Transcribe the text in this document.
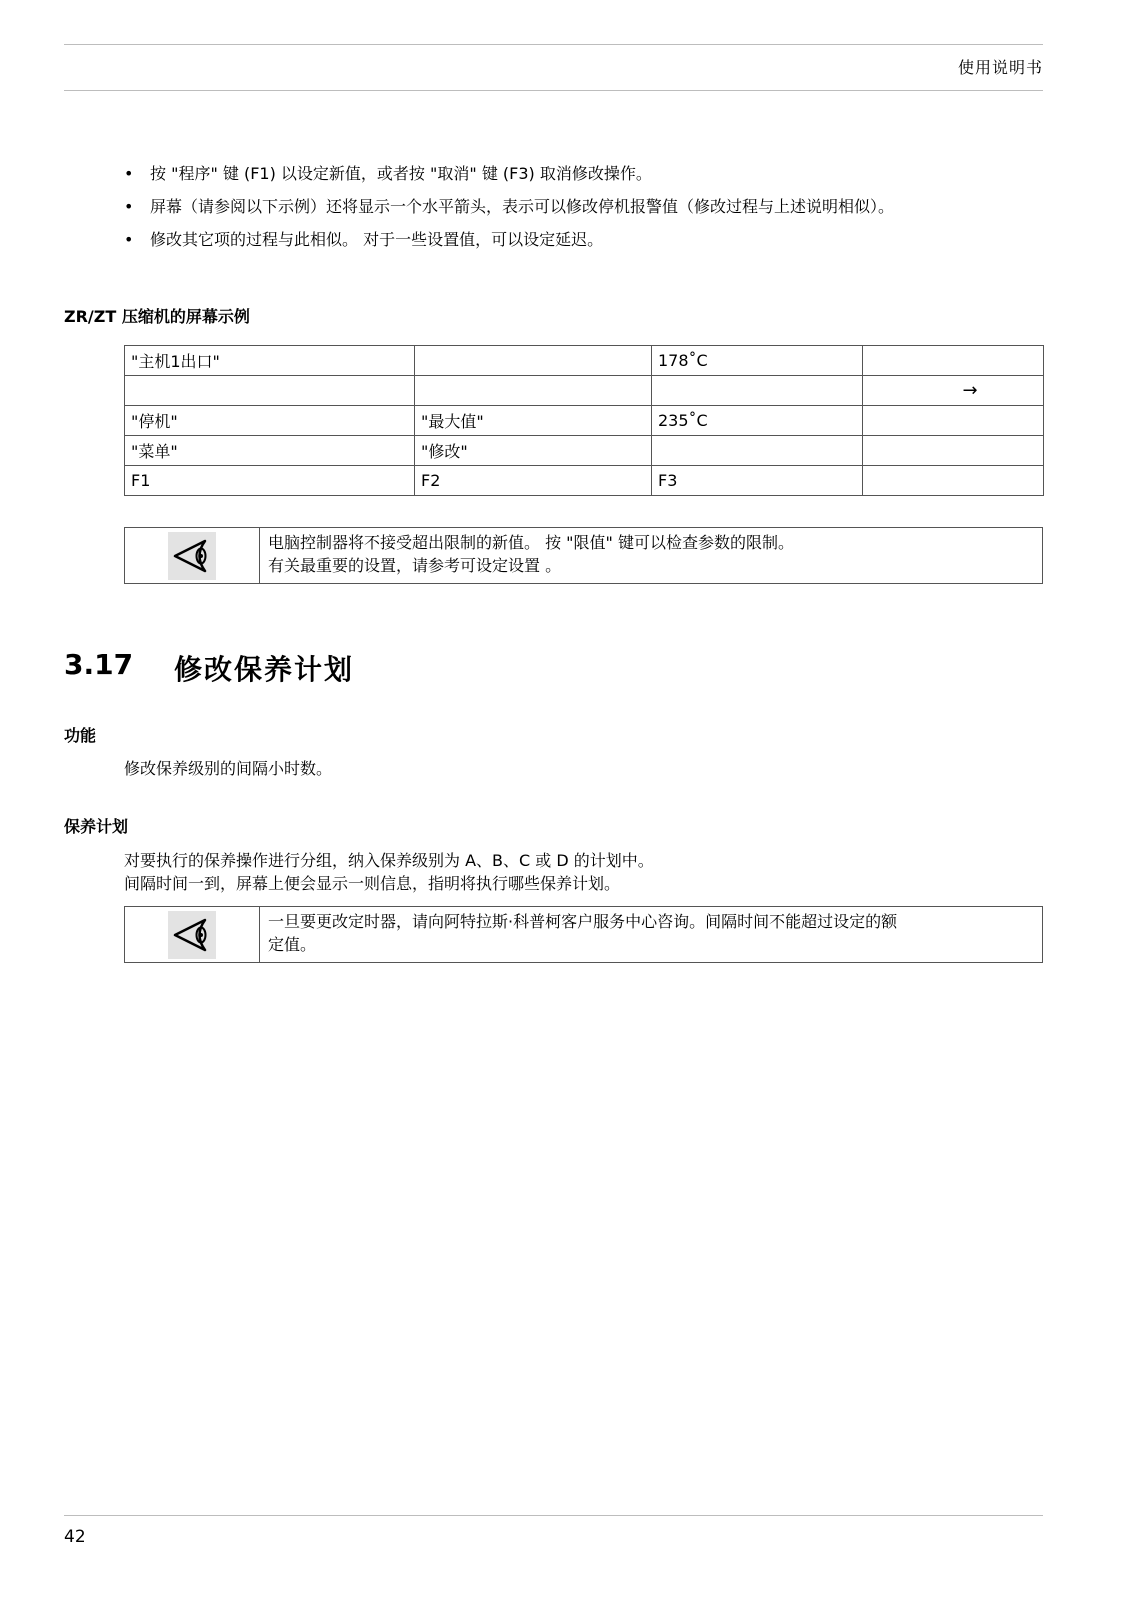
使用说明书
• 按 "程序" 键 (F1) 以设定新值，或者按 "取消" 键 (F3) 取消修改操作。
• 屏幕（请参阅以下示例）还将显示一个水平箭头，表示可以修改停机报警值（修改过程与上述说明相似）。
• 修改其它项的过程与此相似。 对于一些设置值，可以设定延迟。
ZR/ZT 压缩机的屏幕示例
"主机1出口"		178˚C	
			→
"停机"	"最大值"	235˚C	
"菜单"	"修改"		
F1	F2	F3	
电脑控制器将不接受超出限制的新值。 按 "限值" 键可以检查参数的限制。
有关最重要的设置，请参考可设定设置 。
3.17	修改保养计划
功能
修改保养级别的间隔小时数。
保养计划
对要执行的保养操作进行分组，纳入保养级别为 A、B、C 或 D 的计划中。
间隔时间一到，屏幕上便会显示一则信息，指明将执行哪些保养计划。
一旦要更改定时器，请向阿特拉斯·科普柯客户服务中心咨询。间隔时间不能超过设定的额
定值。
42
